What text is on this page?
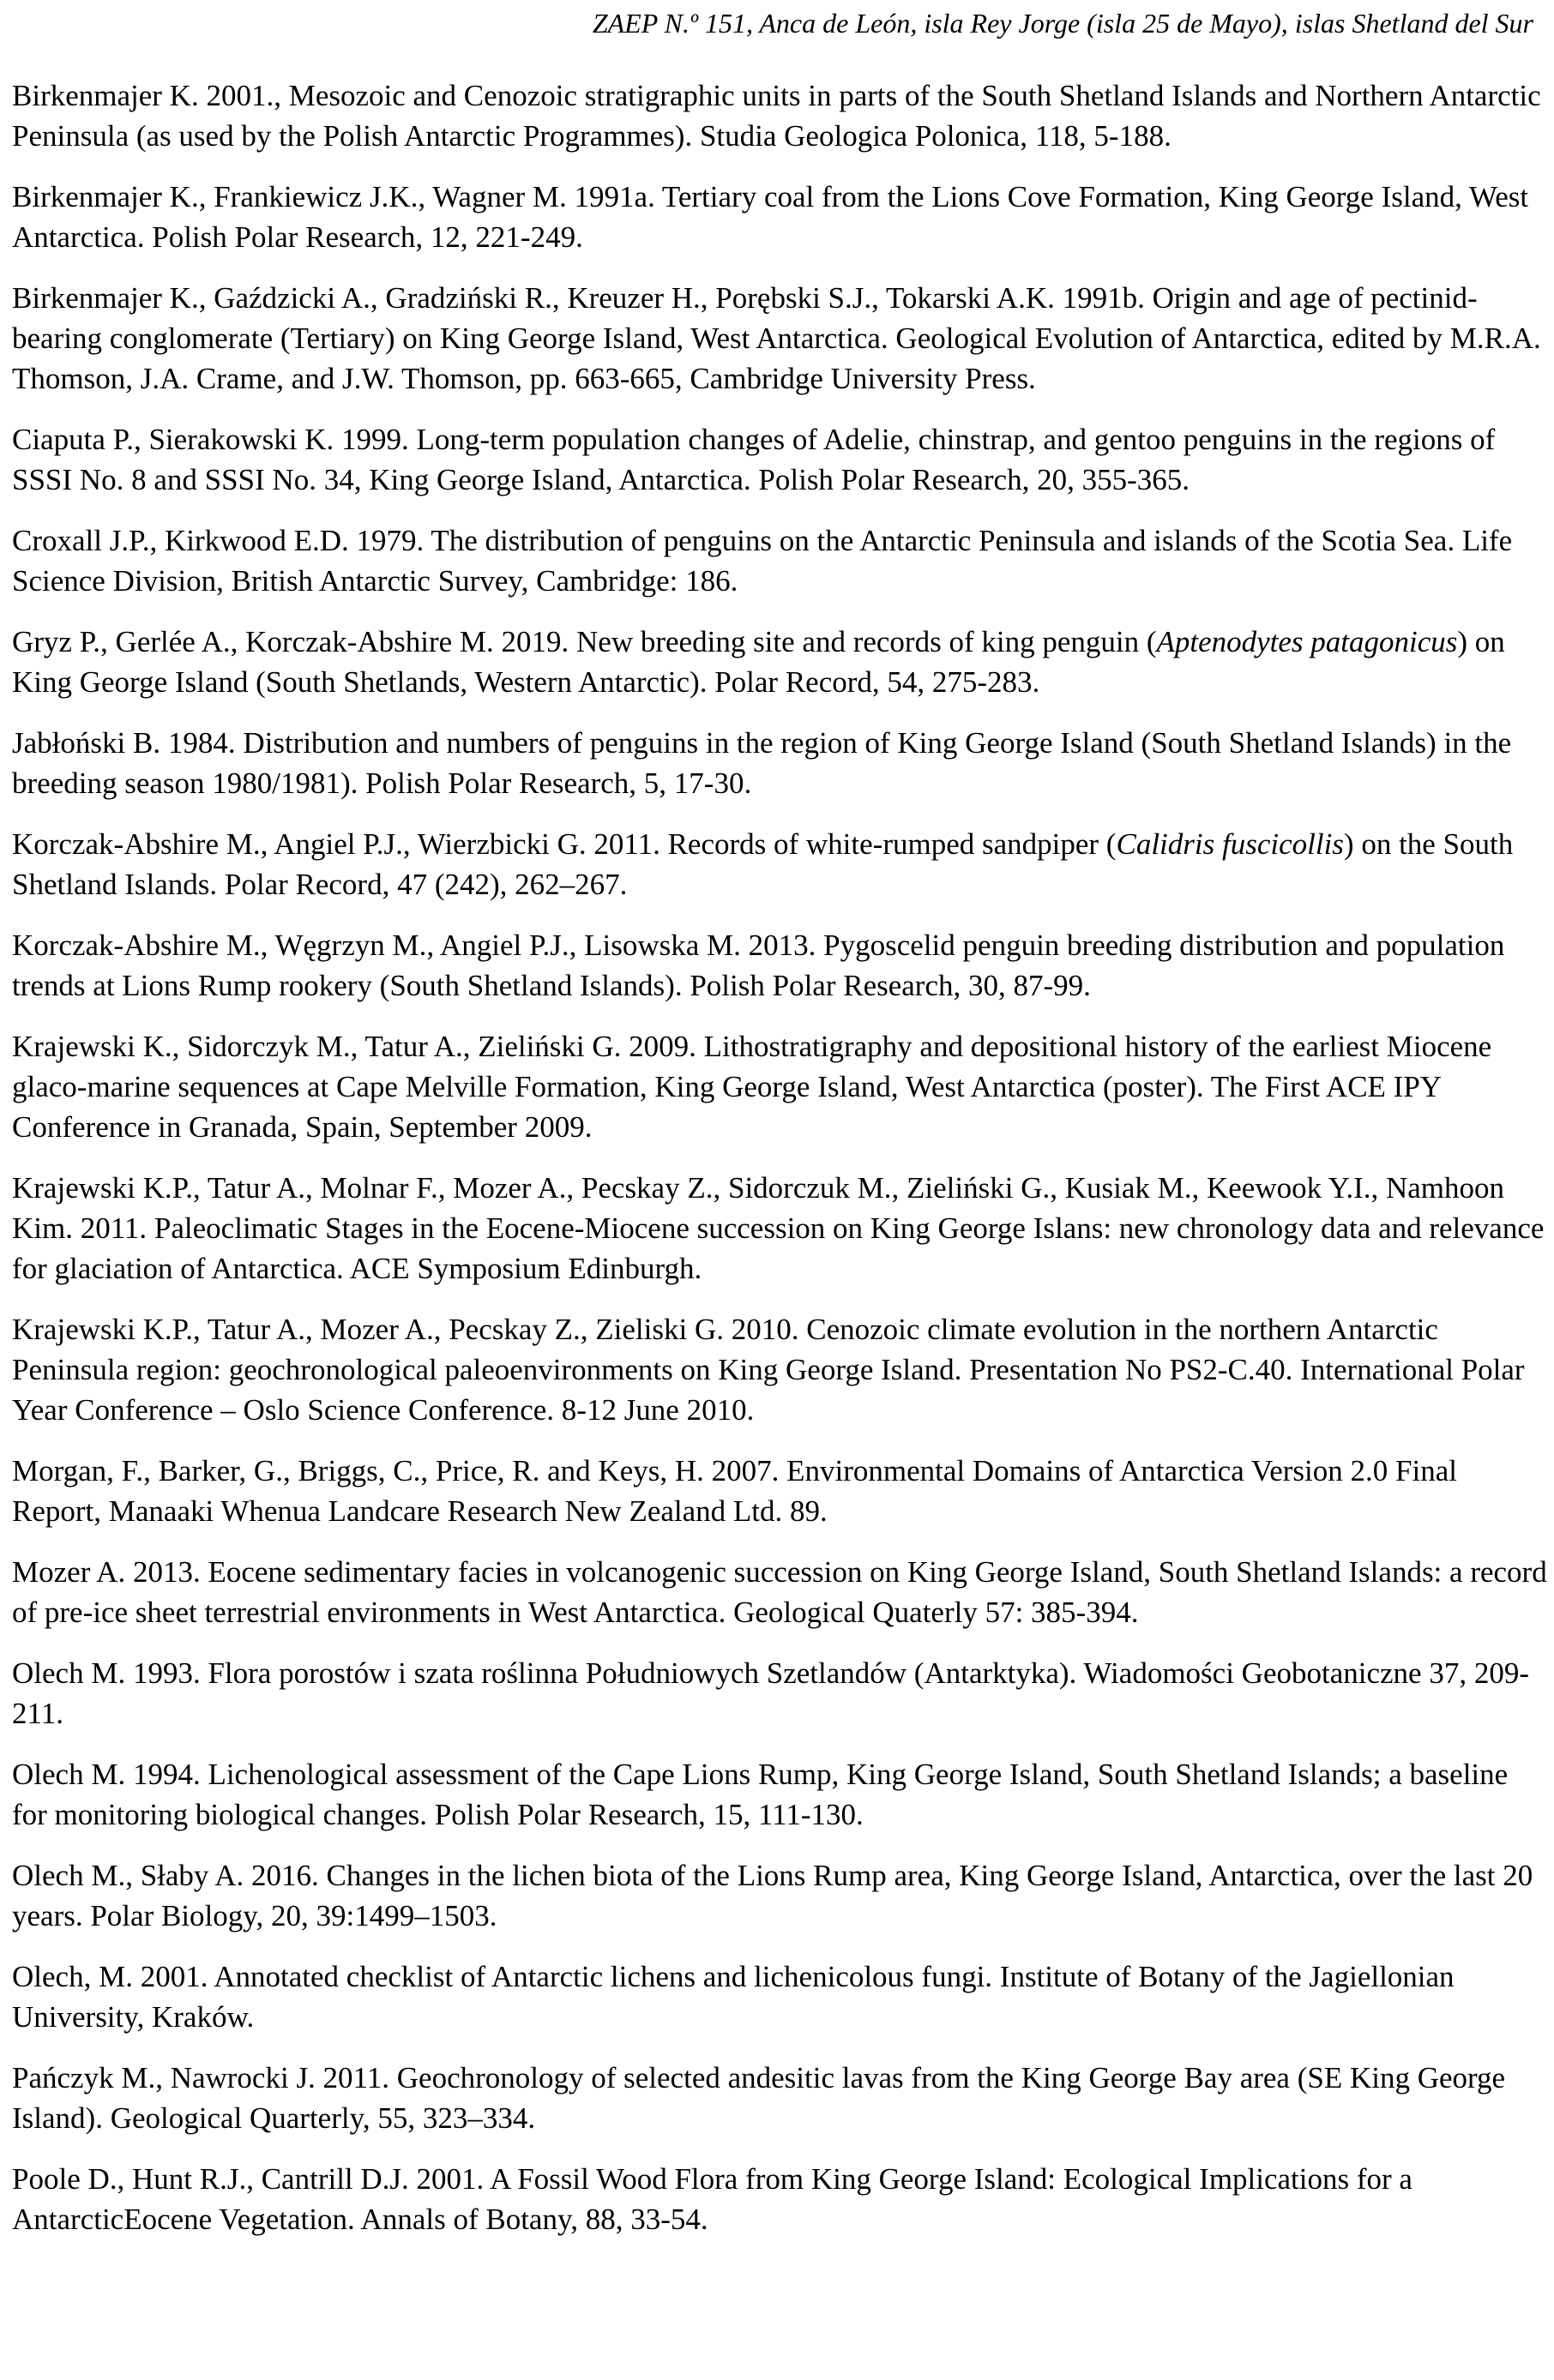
ZAEP N.º 151, Anca de León, isla Rey Jorge (isla 25 de Mayo), islas Shetland del Sur

Birkenmajer K. 2001., Mesozoic and Cenozoic stratigraphic units in parts of the South Shetland Islands and Northern Antarctic Peninsula (as used by the Polish Antarctic Programmes). Studia Geologica Polonica, 118, 5-188.

Birkenmajer K., Frankiewicz J.K., Wagner M. 1991a. Tertiary coal from the Lions Cove Formation, King George Island, West Antarctica. Polish Polar Research, 12, 221-249.

Birkenmajer K., Gaździcki A., Gradziński R., Kreuzer H., Porębski S.J., Tokarski A.K. 1991b. Origin and age of pectinid-bearing conglomerate (Tertiary) on King George Island, West Antarctica. Geological Evolution of Antarctica, edited by M.R.A. Thomson, J.A. Crame, and J.W. Thomson, pp. 663-665, Cambridge University Press.

Ciaputa P., Sierakowski K. 1999. Long-term population changes of Adelie, chinstrap, and gentoo penguins in the regions of SSSI No. 8 and SSSI No. 34, King George Island, Antarctica. Polish Polar Research, 20, 355-365.

Croxall J.P., Kirkwood E.D. 1979. The distribution of penguins on the Antarctic Peninsula and islands of the Scotia Sea. Life Science Division, British Antarctic Survey, Cambridge: 186.

Gryz P., Gerlée A., Korczak-Abshire M. 2019. New breeding site and records of king penguin (Aptenodytes patagonicus) on King George Island (South Shetlands, Western Antarctic). Polar Record, 54, 275-283.

Jabłoński B. 1984. Distribution and numbers of penguins in the region of King George Island (South Shetland Islands) in the breeding season 1980/1981). Polish Polar Research, 5, 17-30.

Korczak-Abshire M., Angiel P.J., Wierzbicki G. 2011. Records of white-rumped sandpiper (Calidris fuscicollis) on the South Shetland Islands. Polar Record, 47 (242), 262–267.

Korczak-Abshire M., Węgrzyn M., Angiel P.J., Lisowska M. 2013. Pygoscelid penguin breeding distribution and population trends at Lions Rump rookery (South Shetland Islands). Polish Polar Research, 30, 87-99.

Krajewski K., Sidorczyk M., Tatur A., Zieliński G. 2009. Lithostratigraphy and depositional history of the earliest Miocene glaco-marine sequences at Cape Melville Formation, King George Island, West Antarctica (poster). The First ACE IPY Conference in Granada, Spain, September 2009.

Krajewski K.P., Tatur A., Molnar F., Mozer A., Pecskay Z., Sidorczuk M., Zieliński G., Kusiak M., Keewook Y.I., Namhoon Kim. 2011. Paleoclimatic Stages in the Eocene-Miocene succession on King George Islans: new chronology data and relevance for glaciation of Antarctica. ACE Symposium Edinburgh.

Krajewski K.P., Tatur A., Mozer A., Pecskay Z., Zieliski G. 2010. Cenozoic climate evolution in the northern Antarctic Peninsula region: geochronological paleoenvironments on King George Island. Presentation No PS2-C.40. International Polar Year Conference – Oslo Science Conference. 8-12 June 2010.

Morgan, F., Barker, G., Briggs, C., Price, R. and Keys, H. 2007. Environmental Domains of Antarctica Version 2.0 Final Report, Manaaki Whenua Landcare Research New Zealand Ltd. 89.

Mozer A. 2013. Eocene sedimentary facies in volcanogenic succession on King George Island, South Shetland Islands: a record of pre-ice sheet terrestrial environments in West Antarctica. Geological Quaterly 57: 385-394.

Olech M. 1993. Flora porostów i szata roślinna Południowych Szetlandów (Antarktyka). Wiadomości Geobotaniczne 37, 209-211.

Olech M. 1994. Lichenological assessment of the Cape Lions Rump, King George Island, South Shetland Islands; a baseline for monitoring biological changes. Polish Polar Research, 15, 111-130.

Olech M., Słaby A. 2016. Changes in the lichen biota of the Lions Rump area, King George Island, Antarctica, over the last 20 years. Polar Biology, 20, 39:1499–1503.

Olech, M. 2001. Annotated checklist of Antarctic lichens and lichenicolous fungi. Institute of Botany of the Jagiellonian University, Kraków.

Pańczyk M., Nawrocki J. 2011. Geochronology of selected andesitic lavas from the King George Bay area (SE King George Island). Geological Quarterly, 55, 323–334.

Poole D., Hunt R.J., Cantrill D.J. 2001. A Fossil Wood Flora from King George Island: Ecological Implications for a AntarcticEocene Vegetation. Annals of Botany, 88, 33-54.
